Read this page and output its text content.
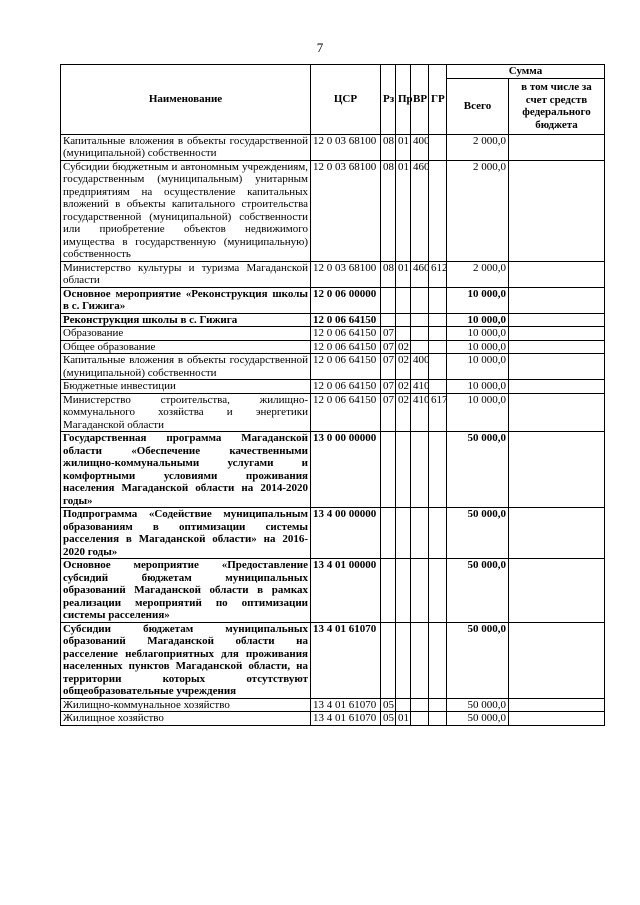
7
Наименование	ЦСР	Рз	Пр	ВР	ГР	Сумма	
						Всего	в том числе за счет средств федерального бюджета
Капитальные вложения в объекты государственной (муниципальной) собственности	12 0 03 68100	08	01	400		2 000,0	
Субсидии бюджетным и автономным учреждениям, государственным (муниципальным) унитарным предприятиям на осуществление капитальных вложений в объекты капитального строительства государственной (муниципальной) собственности или приобретение объектов недвижимого имущества в государственную (муниципальную) собственность	12 0 03 68100	08	01	460		2 000,0	
Министерство культуры и туризма Магаданской области	12 0 03 68100	08	01	460	612	2 000,0	
Основное мероприятие «Реконструкция школы в с. Гижига»	12 0 06 00000					10 000,0	
Реконструкция школы в с. Гижига	12 0 06 64150					10 000,0	
Образование	12 0 06 64150	07				10 000,0	
Общее образование	12 0 06 64150	07	02			10 000,0	
Капитальные вложения в объекты государственной (муниципальной) собственности	12 0 06 64150	07	02	400		10 000,0	
Бюджетные инвестиции	12 0 06 64150	07	02	410		10 000,0	
Министерство строительства, жилищно-коммунального хозяйства и энергетики Магаданской области	12 0 06 64150	07	02	410	617	10 000,0	
Государственная программа Магаданской области «Обеспечение качественными жилищно-коммунальными услугами и комфортными условиями проживания населения Магаданской области на 2014-2020 годы»	13 0 00 00000					50 000,0	
Подпрограмма «Содействие муниципальным образованиям в оптимизации системы расселения в Магаданской области» на 2016-2020 годы»	13 4 00 00000					50 000,0	
Основное мероприятие «Предоставление субсидий бюджетам муниципальных образований Магаданской области в рамках реализации мероприятий по оптимизации системы расселения»	13 4 01 00000					50 000,0	
Субсидии бюджетам муниципальных образований Магаданской области на расселение неблагоприятных для проживания населенных пунктов Магаданской области, на территории которых отсутствуют общеобразовательные учреждения	13 4 01 61070					50 000,0	
Жилищно-коммунальное хозяйство	13 4 01 61070	05				50 000,0	
Жилищное хозяйство	13 4 01 61070	05	01			50 000,0	
